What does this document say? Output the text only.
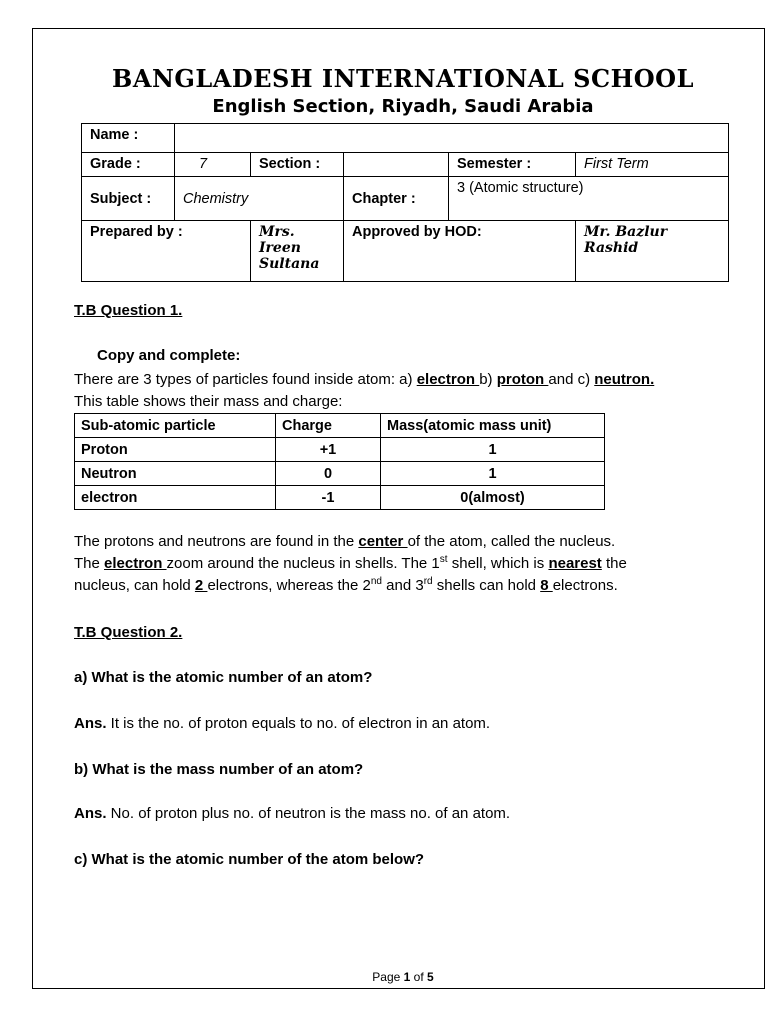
BANGLADESH INTERNATIONAL SCHOOL
English Section, Riyadh, Saudi Arabia
Name :					
Grade :	7	Section :		Semester :	First Term
Subject :	Chemistry		Chapter :	3 (Atomic structure)	
Prepared by :		Mrs. Ireen Sultana	Approved by HOD:		Mr. Bazlur Rashid
T.B Question 1.
Copy and complete:
There are 3 types of particles found inside atom: a) electron b) proton and c) neutron.
This table shows their mass and charge:
Sub-atomic particle	Charge	Mass(atomic mass unit)
Proton	+1	1
Neutron	0	1
electron	-1	0(almost)
The protons and neutrons are found in the center of the atom, called the nucleus.
The electron zoom around the nucleus in shells. The 1st shell, which is nearest the
nucleus, can hold 2 electrons, whereas the 2nd and 3rd shells can hold 8 electrons.
T.B Question 2.
a) What is the atomic number of an atom?
Ans. It is the no. of proton equals to no. of electron in an atom.
b) What is the mass number of an atom?
Ans. No. of proton plus no. of neutron is the mass no. of an atom.
c) What is the atomic number of the atom below?
Page 1 of 5
